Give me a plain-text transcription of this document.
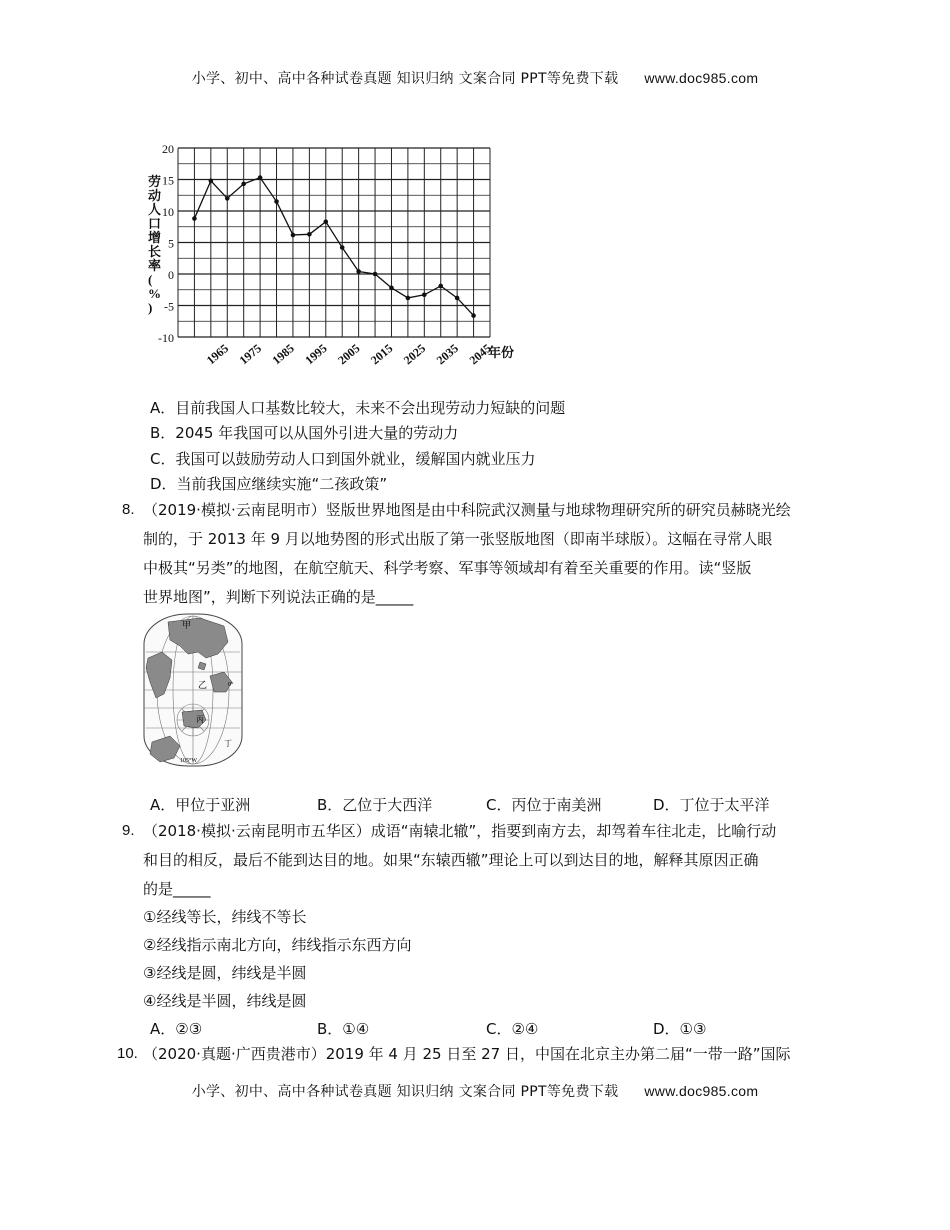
小学、初中、高中各种试卷真题 知识归纳 文案合同 PPT等免费下载 www.doc985.com
20
15
10
5
0
-5
-10
1965 1975 1985 1995 2005 2015 2025 2035 2045
劳动人口增长率( % )
年份
A．目前我国人口基数比较大，未来不会出现劳动力短缺的问题
B．2045 年我国可以从国外引进大量的劳动力
C．我国可以鼓励劳动人口到国外就业，缓解国内就业压力
D．当前我国应继续实施“二孩政策”
8. （2019·模拟·云南昆明市）竖版世界地图是由中科院武汉测量与地球物理研究所的研究员赫晓光绘
制的，于 2013 年 9 月以地势图的形式出版了第一张竖版地图（即南半球版）。这幅在寻常人眼
中极其“另类”的地图，在航空航天、科学考察、军事等领域却有着至关重要的作用。读“竖版
世界地图”，判断下列说法正确的是_____
甲
乙
丙
丁
0°
105°W
A．甲位于亚洲	B．乙位于大西洋	C．丙位于南美洲	D．丁位于太平洋
9. （2018·模拟·云南昆明市五华区）成语“南辕北辙”，指要到南方去，却驾着车往北走，比喻行动
和目的相反，最后不能到达目的地。如果“东辕西辙”理论上可以到达目的地，解释其原因正确
的是_____
①经线等长，纬线不等长
②经线指示南北方向，纬线指示东西方向
③经线是圆，纬线是半圆
④经线是半圆，纬线是圆
A．②③	B．①④	C．②④	D．①③
10. （2020·真题·广西贵港市）2019 年 4 月 25 日至 27 日，中国在北京主办第二届“一带一路”国际
小学、初中、高中各种试卷真题 知识归纳 文案合同 PPT等免费下载 www.doc985.com
